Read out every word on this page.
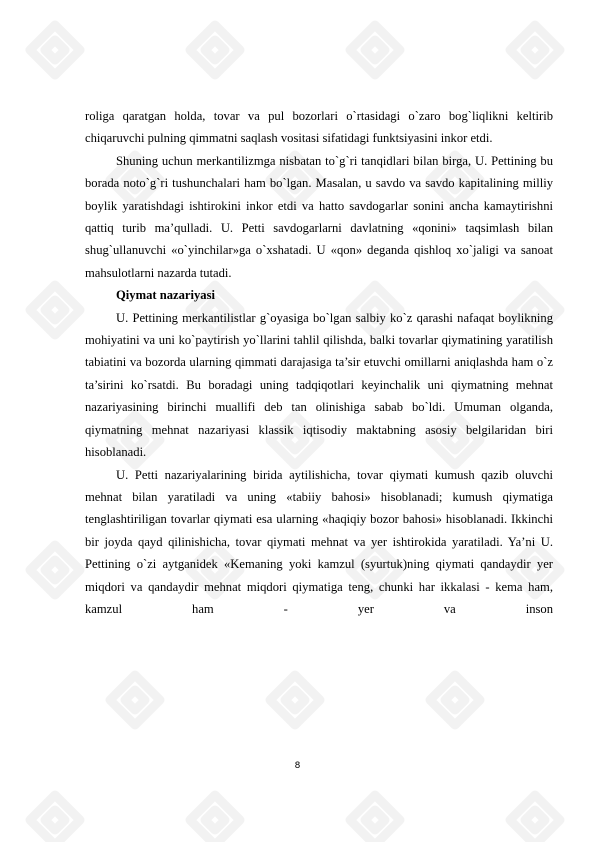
roliga qaratgan holda, tovar va pul bozorlari o`rtasidagi o`zaro bog`liqlikni keltirib chiqaruvchi pulning qimmatni saqlash vositasi sifatidagi funktsiyasini inkor etdi.

Shuning uchun merkantilizmga nisbatan to`g`ri tanqidlari bilan birga, U. Pettining bu borada noto`g`ri tushunchalari ham bo`lgan. Masalan, u savdo va savdo kapitalining milliy boylik yaratishdagi ishtirokini inkor etdi va hatto savdogarlar sonini ancha kamaytirishni qattiq turib ma’qulladi. U. Petti savdogarlarni davlatning «qonini» taqsimlash bilan shug`ullanuvchi «o`yinchilar»ga o`xshatadi. U «qon» deganda qishloq xo`jaligi va sanoat mahsulotlarni nazarda tutadi.

Qiymat nazariyasi

U. Pettining merkantilistlar g`oyasiga bo`lgan salbiy ko`z qarashi nafaqat boylikning mohiyatini va uni ko`paytirish yo`llarini tahlil qilishda, balki tovarlar qiymatining yaratilish tabiatini va bozorda ularning qimmati darajasiga ta’sir etuvchi omillarni aniqlashda ham o`z ta’sirini ko`rsatdi. Bu boradagi uning tadqiqotlari keyinchalik uni qiymatning mehnat nazariyasining birinchi muallifi deb tan olinishiga sabab bo`ldi. Umuman olganda, qiymatning mehnat nazariyasi klassik iqtisodiy maktabning asosiy belgilaridan biri hisoblanadi.

U. Petti nazariyalarining birida aytilishicha, tovar qiymati kumush qazib oluvchi mehnat bilan yaratiladi va uning «tabiiy bahosi» hisoblanadi; kumush qiymatiga tenglashtiriligan tovarlar qiymati esa ularning «haqiqiy bozor bahosi» hisoblanadi. Ikkinchi bir joyda qayd qilinishicha, tovar qiymati mehnat va yer ishtirokida yaratiladi. Ya’ni U. Pettining o`zi aytganidek «Kemaning yoki kamzul (syurtuk)ning qiymati qandaydir yer miqdori va qandaydir mehnat miqdori qiymatiga teng, chunki har ikkalasi - kema ham, kamzul ham - yer va inson

8
